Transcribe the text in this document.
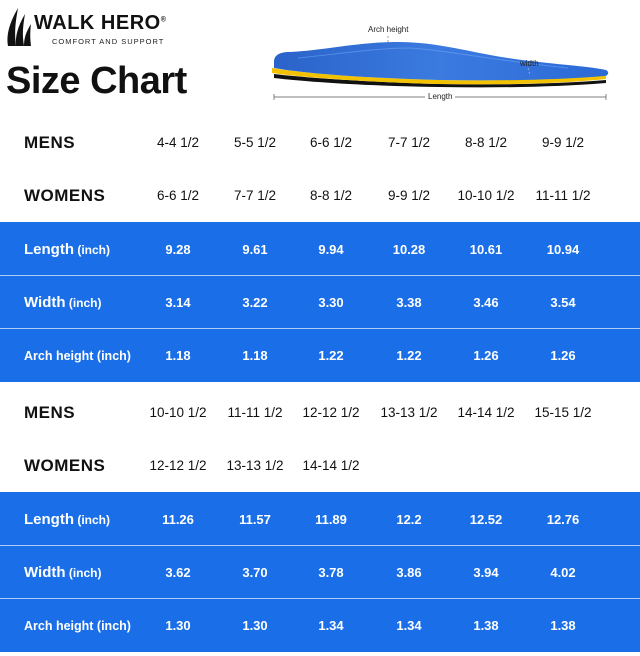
WALK HERO®
COMFORT AND SUPPORT
Size Chart
Arch height
width
Length
MENS	4-4 1/2	5-5 1/2	6-6 1/2	7-7 1/2	8-8 1/2	9-9 1/2
WOMENS	6-6 1/2	7-7 1/2	8-8 1/2	9-9 1/2	10-10 1/2	11-11 1/2
Length (inch)	9.28	9.61	9.94	10.28	10.61	10.94
Width (inch)	3.14	3.22	3.30	3.38	3.46	3.54
Arch height (inch)	1.18	1.18	1.22	1.22	1.26	1.26
MENS	10-10 1/2	11-11 1/2	12-12 1/2	13-13 1/2	14-14 1/2	15-15 1/2
WOMENS	12-12 1/2	13-13 1/2	14-14 1/2
Length (inch)	11.26	11.57	11.89	12.2	12.52	12.76
Width (inch)	3.62	3.70	3.78	3.86	3.94	4.02
Arch height (inch)	1.30	1.30	1.34	1.34	1.38	1.38
